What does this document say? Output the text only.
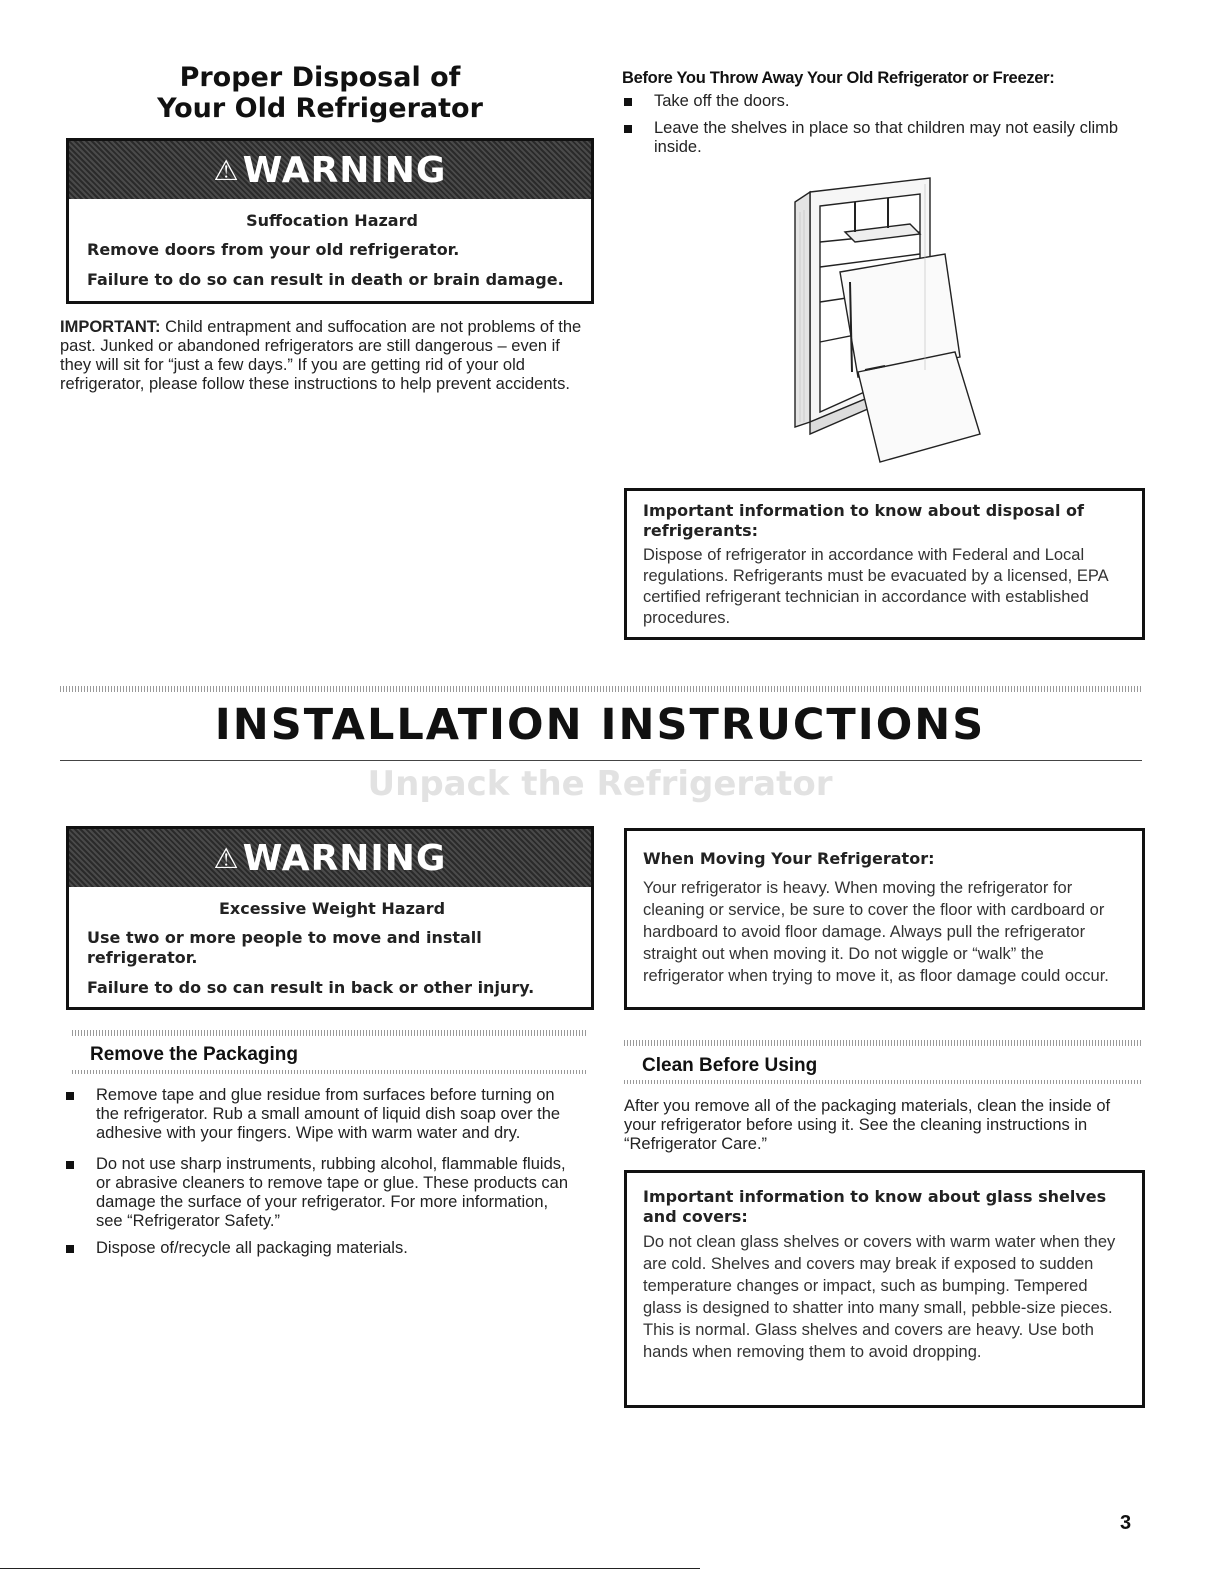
Proper Disposal of
Your Old Refrigerator
⚠ WARNING
Suffocation Hazard

Remove doors from your old refrigerator.

Failure to do so can result in death or brain damage.

IMPORTANT: Child entrapment and suffocation are not problems of the past. Junked or abandoned refrigerators are still dangerous – even if they will sit for “just a few days.” If you are getting rid of your old refrigerator, please follow these instructions to help prevent accidents.
Before You Throw Away Your Old Refrigerator or Freezer:
Take off the doors.
Leave the shelves in place so that children may not easily climb inside.
Important information to know about disposal of refrigerants:
Dispose of refrigerator in accordance with Federal and Local regulations. Refrigerants must be evacuated by a licensed, EPA certified refrigerant technician in accordance with established procedures.
INSTALLATION INSTRUCTIONS
Unpack the Refrigerator
⚠ WARNING
Excessive Weight Hazard

Use two or more people to move and install refrigerator.

Failure to do so can result in back or other injury.

Remove the Packaging
Remove tape and glue residue from surfaces before turning on the refrigerator. Rub a small amount of liquid dish soap over the adhesive with your fingers. Wipe with warm water and dry.
Do not use sharp instruments, rubbing alcohol, flammable fluids, or abrasive cleaners to remove tape or glue. These products can damage the surface of your refrigerator. For more information, see “Refrigerator Safety.”
Dispose of/recycle all packaging materials.
When Moving Your Refrigerator:
Your refrigerator is heavy. When moving the refrigerator for cleaning or service, be sure to cover the floor with cardboard or hardboard to avoid floor damage. Always pull the refrigerator straight out when moving it. Do not wiggle or “walk” the refrigerator when trying to move it, as floor damage could occur.
Clean Before Using
After you remove all of the packaging materials, clean the inside of your refrigerator before using it. See the cleaning instructions in “Refrigerator Care.”
Important information to know about glass shelves and covers:
Do not clean glass shelves or covers with warm water when they are cold. Shelves and covers may break if exposed to sudden temperature changes or impact, such as bumping. Tempered glass is designed to shatter into many small, pebble-size pieces. This is normal. Glass shelves and covers are heavy. Use both hands when removing them to avoid dropping.
3
